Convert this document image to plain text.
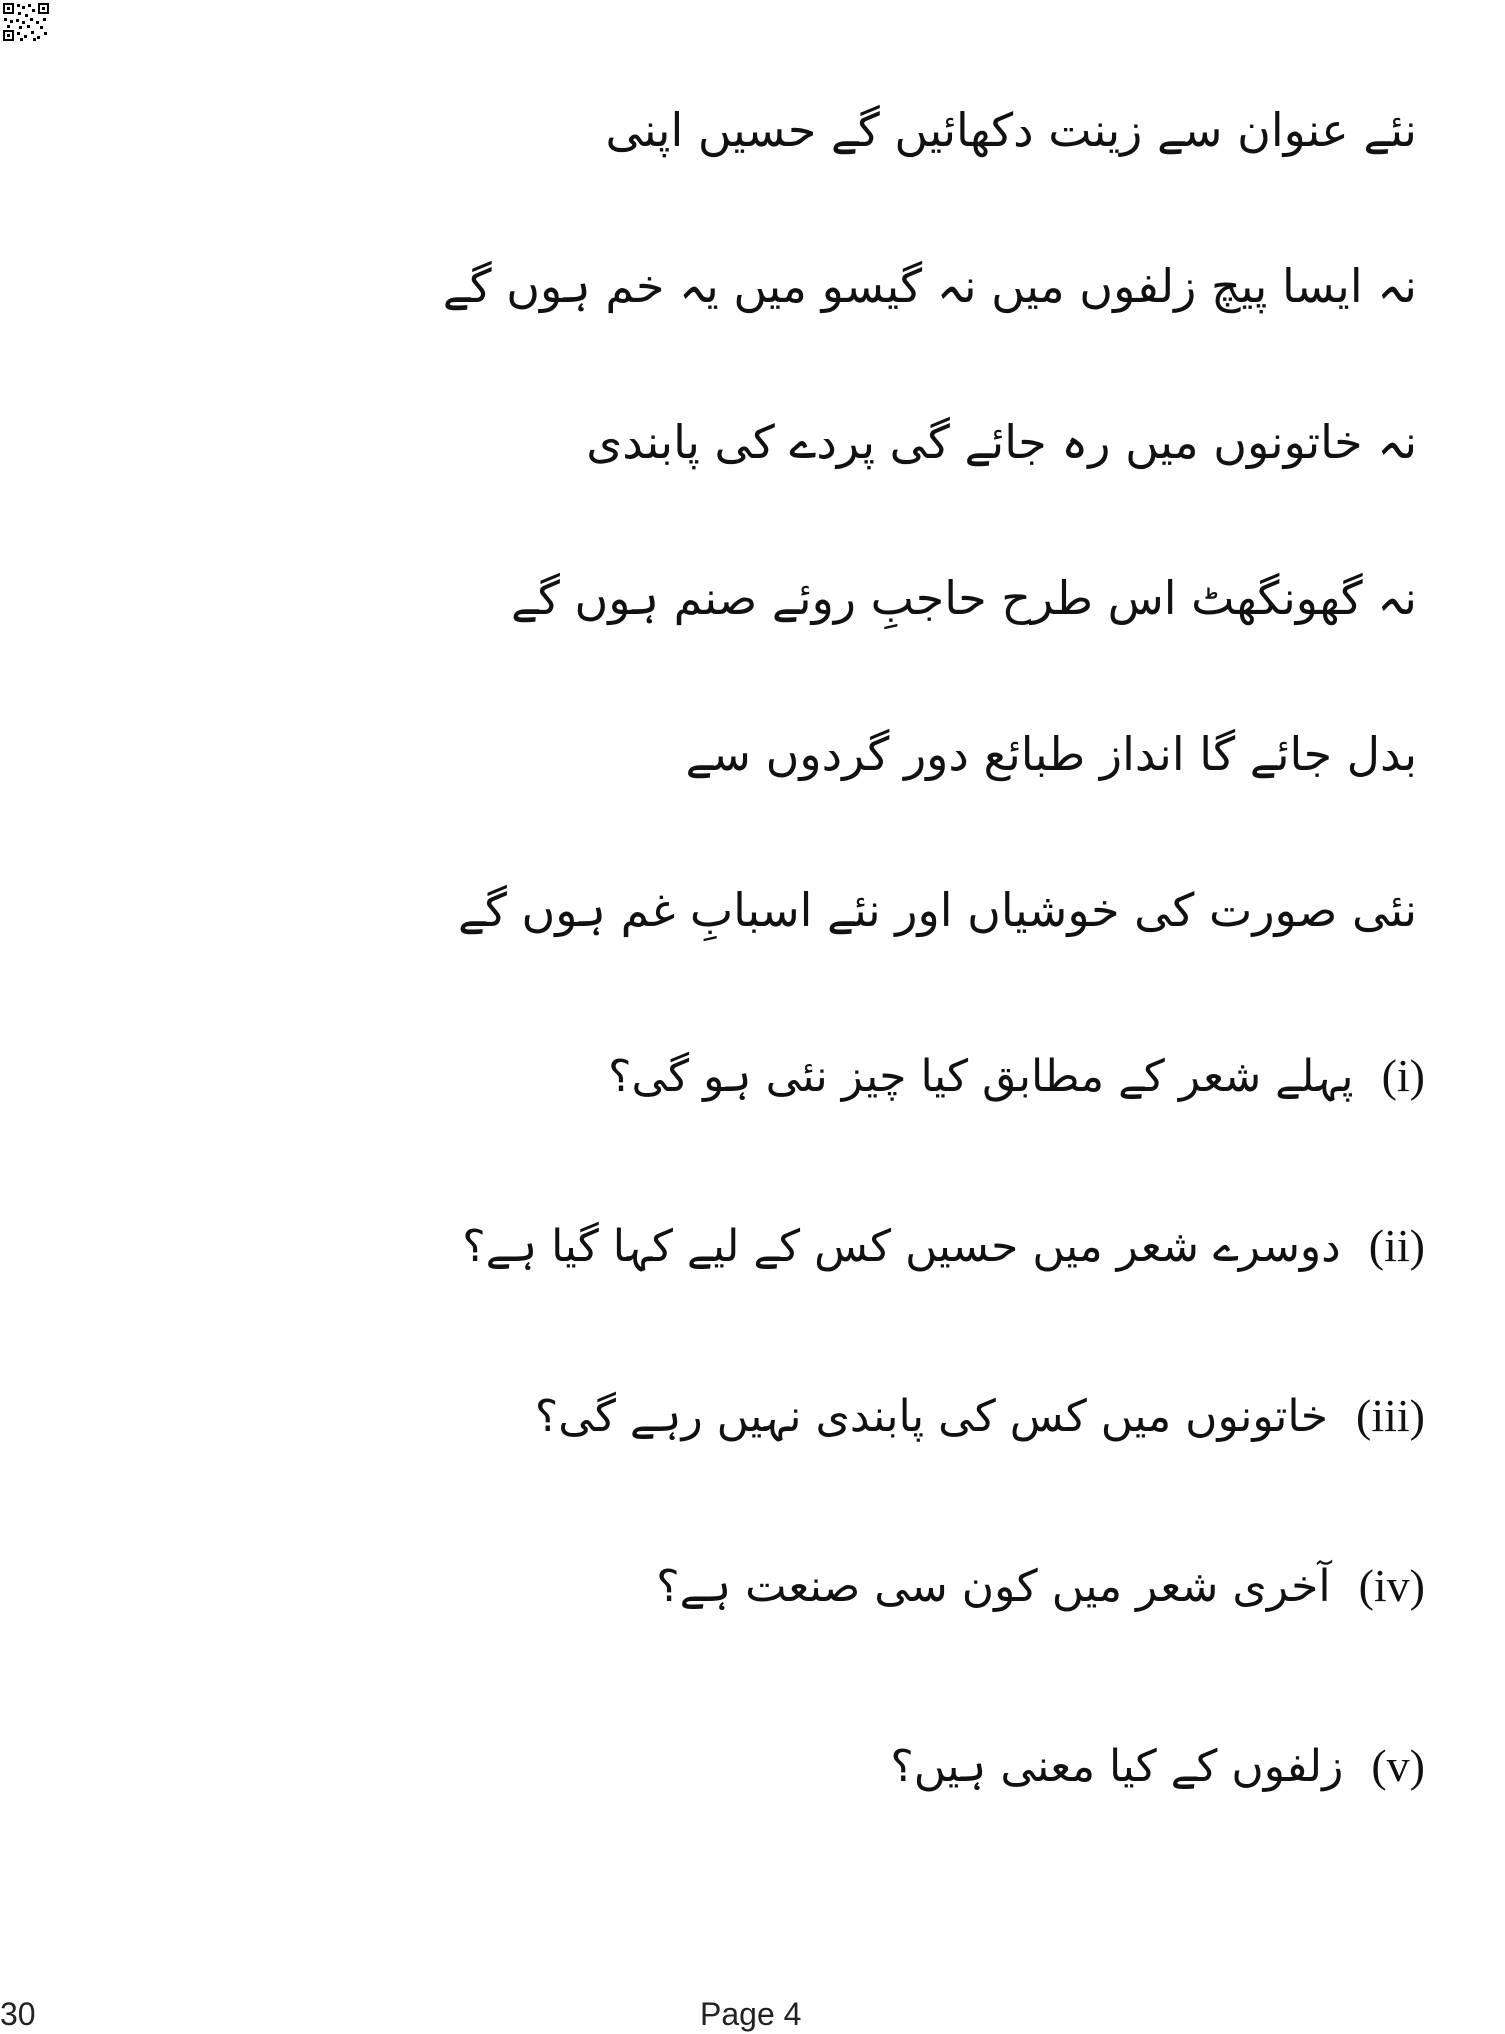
نئے عنوان سے زینت دکھائیں گے حسیں اپنی
نہ ایسا پیچ زلفوں میں نہ گیسو میں یہ خم ہوں گے
نہ خاتونوں میں رہ جائے گی پردے کی پابندی
نہ گھونگھٹ اس طرح حاجبِ روئے صنم ہوں گے
بدل جائے گا انداز طبائع دور گردوں سے
نئی صورت کی خوشیاں اور نئے اسبابِ غم ہوں گے
(i)پہلے شعر کے مطابق کیا چیز نئی ہو گی؟
(ii)دوسرے شعر میں حسیں کس کے لیے کہا گیا ہے؟
(iii)خاتونوں میں کس کی پابندی نہیں رہے گی؟
(iv)آخری شعر میں کون سی صنعت ہے؟
(v)زلفوں کے کیا معنی ہیں؟
30	Page 4
